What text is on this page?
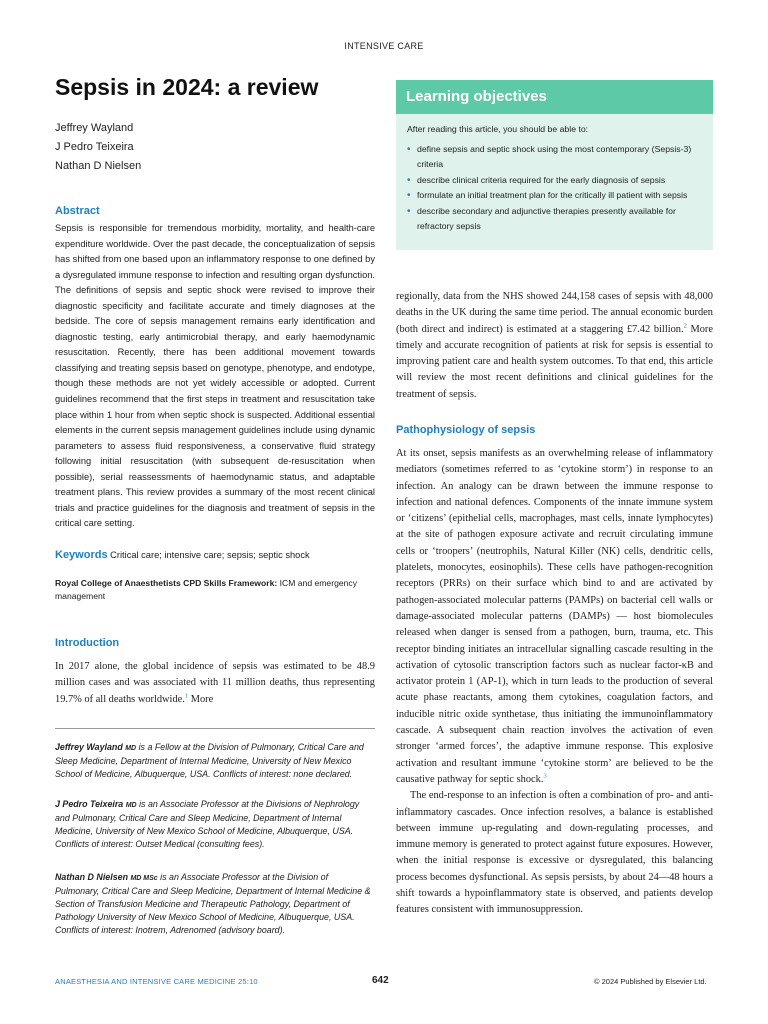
INTENSIVE CARE
Sepsis in 2024: a review
Jeffrey Wayland
J Pedro Teixeira
Nathan D Nielsen
Abstract
Sepsis is responsible for tremendous morbidity, mortality, and health-care expenditure worldwide. Over the past decade, the conceptualization of sepsis has shifted from one based upon an inflammatory response to one defined by a dysregulated immune response to infection and resulting organ dysfunction. The definitions of sepsis and septic shock were revised to improve their diagnostic specificity and facilitate accurate and timely diagnoses at the bedside. The core of sepsis management remains early identification and diagnostic testing, early antimicrobial therapy, and early haemodynamic resuscitation. Recently, there has been additional movement towards classifying and treating sepsis based on genotype, phenotype, and endotype, though these methods are not yet widely accessible or adopted. Current guidelines recommend that the first steps in treatment and resuscitation take place within 1 hour from when septic shock is suspected. Additional essential elements in the current sepsis management guidelines include using dynamic parameters to assess fluid responsiveness, a conservative fluid strategy following initial resuscitation (with subsequent de-resuscitation when possible), serial reassessments of haemodynamic status, and adaptable treatment plans. This review provides a summary of the most recent clinical trials and practice guidelines for the diagnosis and treatment of sepsis in the critical care setting.
Keywords Critical care; intensive care; sepsis; septic shock
Royal College of Anaesthetists CPD Skills Framework: ICM and emergency management
Introduction
In 2017 alone, the global incidence of sepsis was estimated to be 48.9 million cases and was associated with 11 million deaths, thus representing 19.7% of all deaths worldwide.$^1$ More
Jeffrey Wayland MD is a Fellow at the Division of Pulmonary, Critical Care and Sleep Medicine, Department of Internal Medicine, University of New Mexico School of Medicine, Albuquerque, USA. Conflicts of interest: none declared.
J Pedro Teixeira MD is an Associate Professor at the Divisions of Nephrology and Pulmonary, Critical Care and Sleep Medicine, Department of Internal Medicine, University of New Mexico School of Medicine, Albuquerque, USA. Conflicts of interest: Outset Medical (consulting fees).
Nathan D Nielsen MD MSc is an Associate Professor at the Division of Pulmonary, Critical Care and Sleep Medicine, Department of Internal Medicine & Section of Transfusion Medicine and Therapeutic Pathology, Department of Pathology University of New Mexico School of Medicine, Albuquerque, USA. Conflicts of interest: Inotrem, Adrenomed (advisory board).
Learning objectives
After reading this article, you should be able to:
• define sepsis and septic shock using the most contemporary (Sepsis-3) criteria
• describe clinical criteria required for the early diagnosis of sepsis
• formulate an initial treatment plan for the critically ill patient with sepsis
• describe secondary and adjunctive therapies presently available for refractory sepsis
regionally, data from the NHS showed 244,158 cases of sepsis with 48,000 deaths in the UK during the same time period. The annual economic burden (both direct and indirect) is estimated at a staggering £7.42 billion.$^2$ More timely and accurate recognition of patients at risk for sepsis is essential to improving patient care and health system outcomes. To that end, this article will review the most recent definitions and clinical guidelines for the treatment of sepsis.
Pathophysiology of sepsis
At its onset, sepsis manifests as an overwhelming release of inflammatory mediators (sometimes referred to as ‘cytokine storm’) in response to an infection. An analogy can be drawn between the immune response to infection and national defences. Components of the innate immune system or ‘citizens’ (epithelial cells, macrophages, mast cells, innate lymphocytes) at the site of pathogen exposure activate and recruit circulating immune cells or ‘troopers’ (neutrophils, Natural Killer (NK) cells, dendritic cells, platelets, monocytes, eosinophils). These cells have pathogen-recognition receptors (PRRs) on their surface which bind to and are activated by pathogen-associated molecular patterns (PAMPs) on bacterial cell walls or damage-associated molecular patterns (DAMPs) — host biomolecules released when danger is sensed from a pathogen, burn, trauma, etc. This receptor binding initiates an intracellular signalling cascade resulting in the activation of cytosolic transcription factors such as nuclear factor-κB and activator protein 1 (AP-1), which in turn leads to the production of several acute phase reactants, among them cytokines, coagulation factors, and inducible nitric oxide synthetase, thus initiating the immunoinflammatory cascade. A subsequent chain reaction involves the activation of even stronger ‘armed forces’, the adaptive immune response. This explosive activation and resultant immune ‘cytokine storm’ are believed to be the causative pathway for septic shock.$^3$
The end-response to an infection is often a combination of pro- and anti-inflammatory cascades. Once infection resolves, a balance is established between immune up-regulating and down-regulating processes, and immune memory is generated to protect against future exposures. However, when the initial response is excessive or dysregulated, this balancing process becomes dysfunctional. As sepsis persists, by about 24—48 hours a shift towards a hypoinflammatory state is observed, and patients develop features consistent with immunosuppression.
ANAESTHESIA AND INTENSIVE CARE MEDICINE 25:10	642	© 2024 Published by Elsevier Ltd.
